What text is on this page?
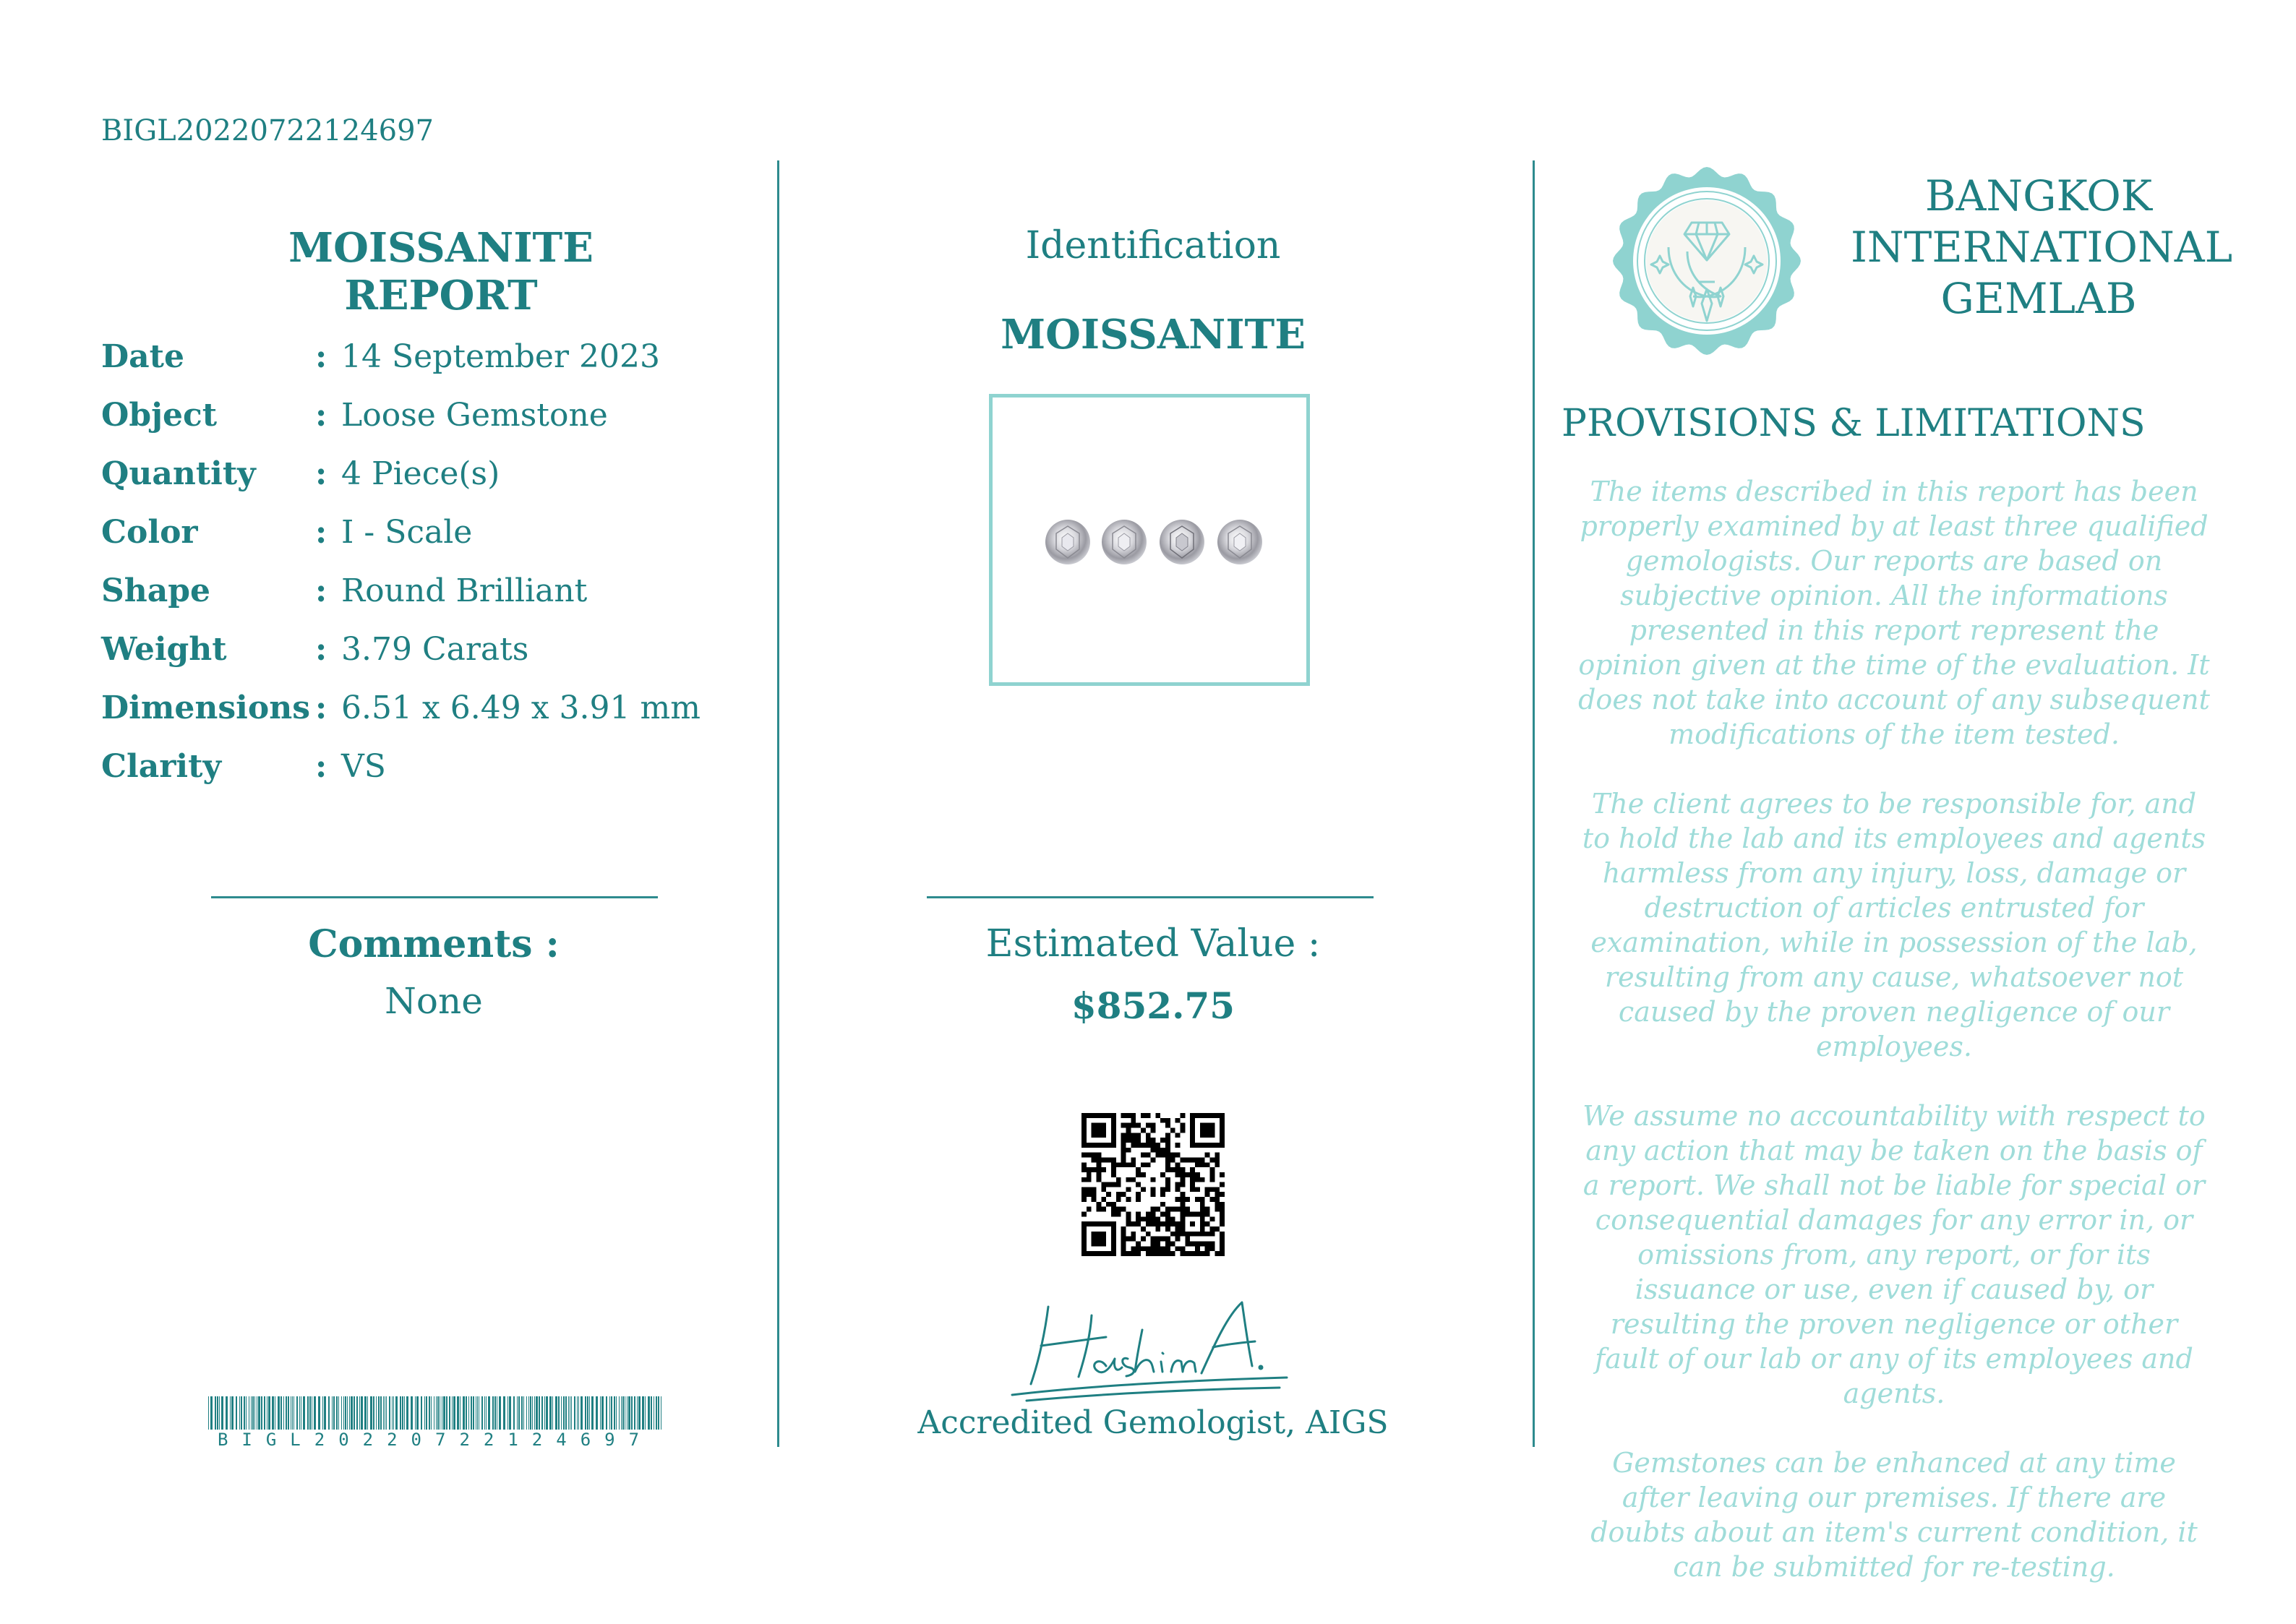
BIGL20220722124697
MOISSANITE REPORT
Date	: 14 September 2023
Object	: Loose Gemstone
Quantity : 4 Piece(s)
Color	: I - Scale
Shape	: Round Brilliant
Weight	: 3.79 Carats
Dimensions : 6.51 x 6.49 x 3.91 mm
Clarity	: VS
Comments :
None
BIGL20220722124697
Identification
MOISSANITE
Estimated Value :
$852.75
Accredited Gemologist, AIGS
BANGKOK
INTERNATIONAL
GEMLAB
PROVISIONS & LIMITATIONS

The items described in this report has been properly examined by at least three qualified gemologists. Our reports are based on subjective opinion. All the informations presented in this report represent the opinion given at the time of the evaluation. It does not take into account of any subsequent modifications of the item tested.

The client agrees to be responsible for, and to hold the lab and its employees and agents harmless from any injury, loss, damage or destruction of articles entrusted for examination, while in possession of the lab, resulting from any cause, whatsoever not caused by the proven negligence of our employees.

We assume no accountability with respect to any action that may be taken on the basis of a report. We shall not be liable for special or consequential damages for any error in, or omissions from, any report, or for its issuance or use, even if caused by, or resulting the proven negligence or other fault of our lab or any of its employees and agents.

Gemstones can be enhanced at any time after leaving our premises. If there are doubts about an item's current condition, it can be submitted for re-testing.
